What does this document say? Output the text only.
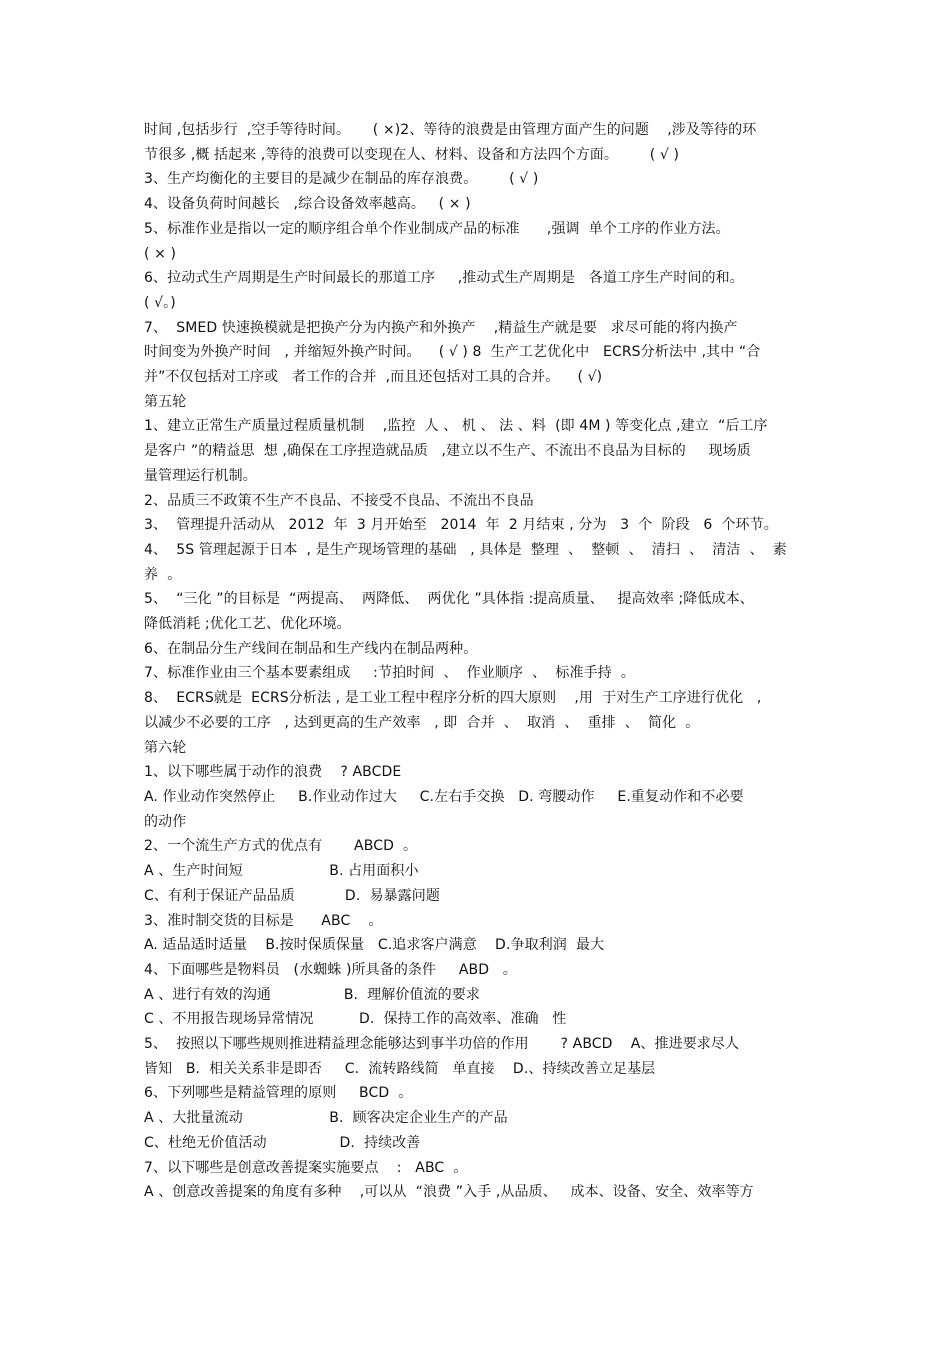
时间 ,包括步行  ,空手等待时间。     ( ×)2、等待的浪费是由管理方面产生的问题    ,涉及等待的环
节很多 ,概 括起来 ,等待的浪费可以变现在人、材料、设备和方法四个方面。       ( √ )
3、生产均衡化的主要目的是减少在制品的库存浪费。       ( √ )
4、设备负荷时间越长   ,综合设备效率越高。   ( × )
5、标准作业是指以一定的顺序组合单个作业制成产品的标准      ,强调  单个工序的作业方法。
( × )
6、拉动式生产周期是生产时间最长的那道工序     ,推动式生产周期是   各道工序生产时间的和。
( √。)
7、  SMED 快速换模就是把换产分为内换产和外换产    ,精益生产就是要   求尽可能的将内换产
时间变为外换产时间   , 并缩短外换产时间。    ( √ ) 8  生产工艺优化中   ECRS分析法中 ,其中 “合
并”不仅包括对工序或   者工作的合并  ,而且还包括对工具的合并。    ( √)
第五轮
1、建立正常生产质量过程质量机制    ,监控  人 、 机 、 法 、料  (即 4M ) 等变化点 ,建立  “后工序
是客户 ”的精益思  想 ,确保在工序捏造就品质   ,建立以不生产、不流出不良品为目标的     现场质
量管理运行机制。
2、品质三不政策不生产不良品、不接受不良品、不流出不良品
3、  管理提升活动从   2012  年  3 月开始至   2014  年  2 月结束 , 分为   3  个  阶段   6  个环节。
4、  5S 管理起源于日本  , 是生产现场管理的基础   , 具体是  整理  、  整顿  、  清扫  、  清洁  、  素
养  。
5、  “三化 ”的目标是  “两提高、  两降低、  两优化 ”具体指 :提高质量、   提高效率 ;降低成本、
降低消耗 ;优化工艺、优化环境。
6、在制品分生产线间在制品和生产线内在制品两种。
7、标准作业由三个基本要素组成     :节拍时间  、  作业顺序  、  标准手持  。
8、  ECRS就是  ECRS分析法 , 是工业工程中程序分析的四大原则    ,用  于对生产工序进行优化   ,
以减少不必要的工序   , 达到更高的生产效率   , 即  合并  、  取消  、  重排  、  简化  。
第六轮
1、以下哪些属于动作的浪费    ? ABCDE
A. 作业动作突然停止     B.作业动作过大     C.左右手交换   D. 弯腰动作     E.重复动作和不必要
的动作
2、一个流生产方式的优点有       ABCD  。
A 、生产时间短                   B. 占用面积小
C、有利于保证产品品质           D.  易暴露问题
3、准时制交货的目标是      ABC    。
A. 适品适时适量    B.按时保质保量   C.追求客户满意    D.争取利润  最大
4、下面哪些是物料员   (水蜘蛛 )所具备的条件     ABD   。
A 、进行有效的沟通                B.  理解价值流的要求
C 、不用报告现场异常情况          D.  保持工作的高效率、准确   性
5、  按照以下哪些规则推进精益理念能够达到事半功倍的作用       ? ABCD    A、推进要求尽人
皆知   B.  相关关系非是即否     C.  流转路线简   单直接    D.、持续改善立足基层
6、下列哪些是精益管理的原则     BCD  。
A 、大批量流动                   B.  顾客决定企业生产的产品
C、杜绝无价值活动                D.  持续改善
7、以下哪些是创意改善提案实施要点    :   ABC  。
A 、创意改善提案的角度有多种    ,可以从  “浪费 ”入手 ,从品质、   成本、设备、安全、效率等方
